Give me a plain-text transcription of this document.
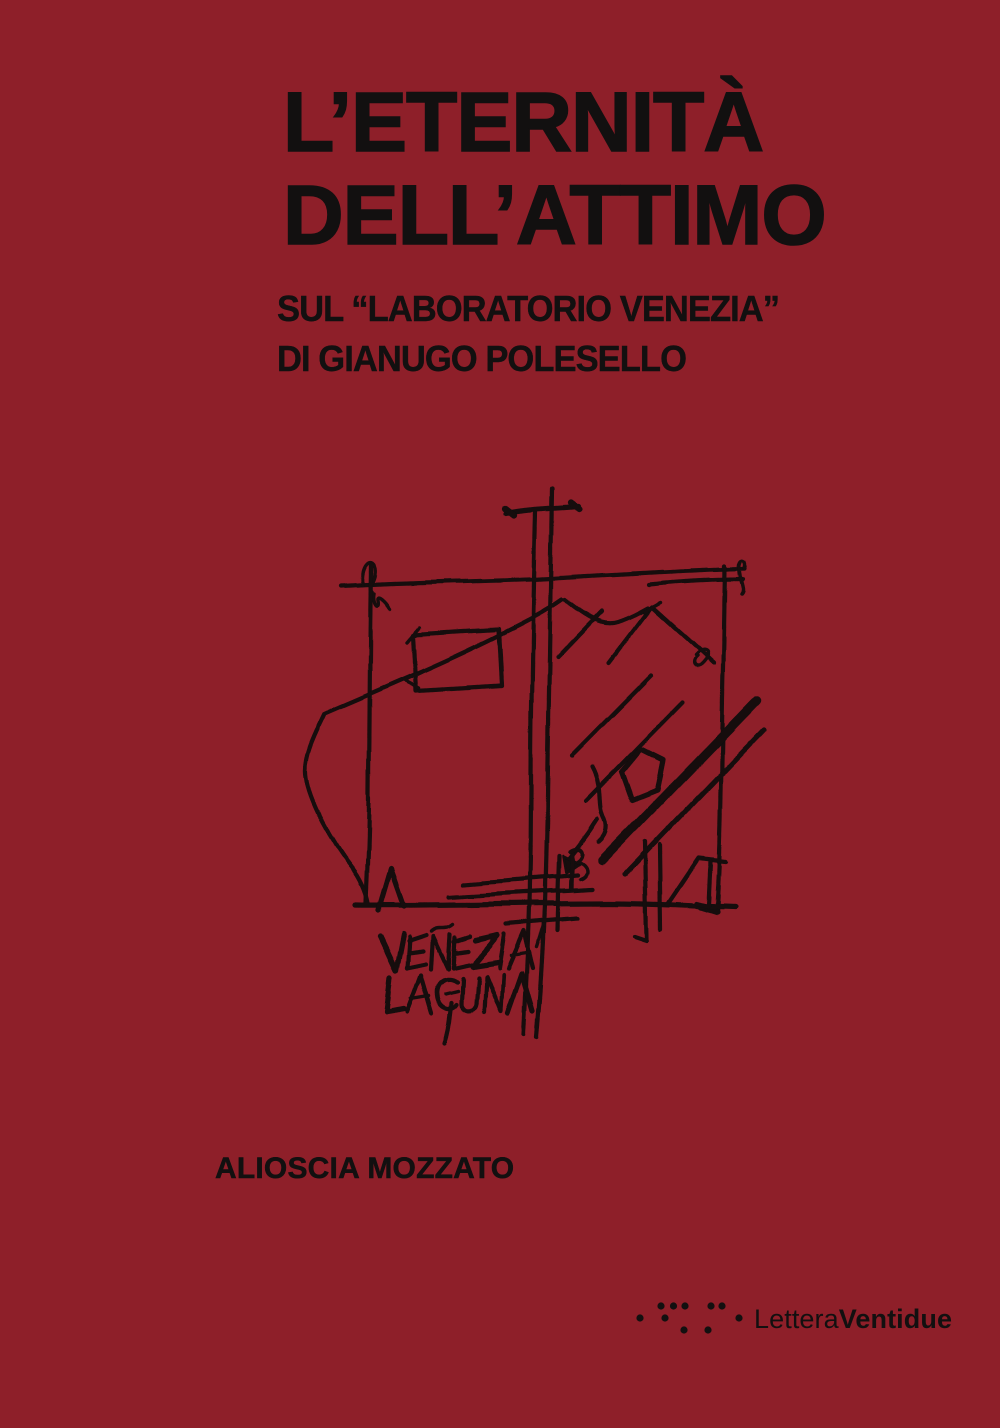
L’ETERNITÀ
DELL’ATTIMO

SUL “LABORATORIO VENEZIA”
DI GIANUGO POLESELLO

ALIOSCIA MOZZATO
LetteraVentidue
